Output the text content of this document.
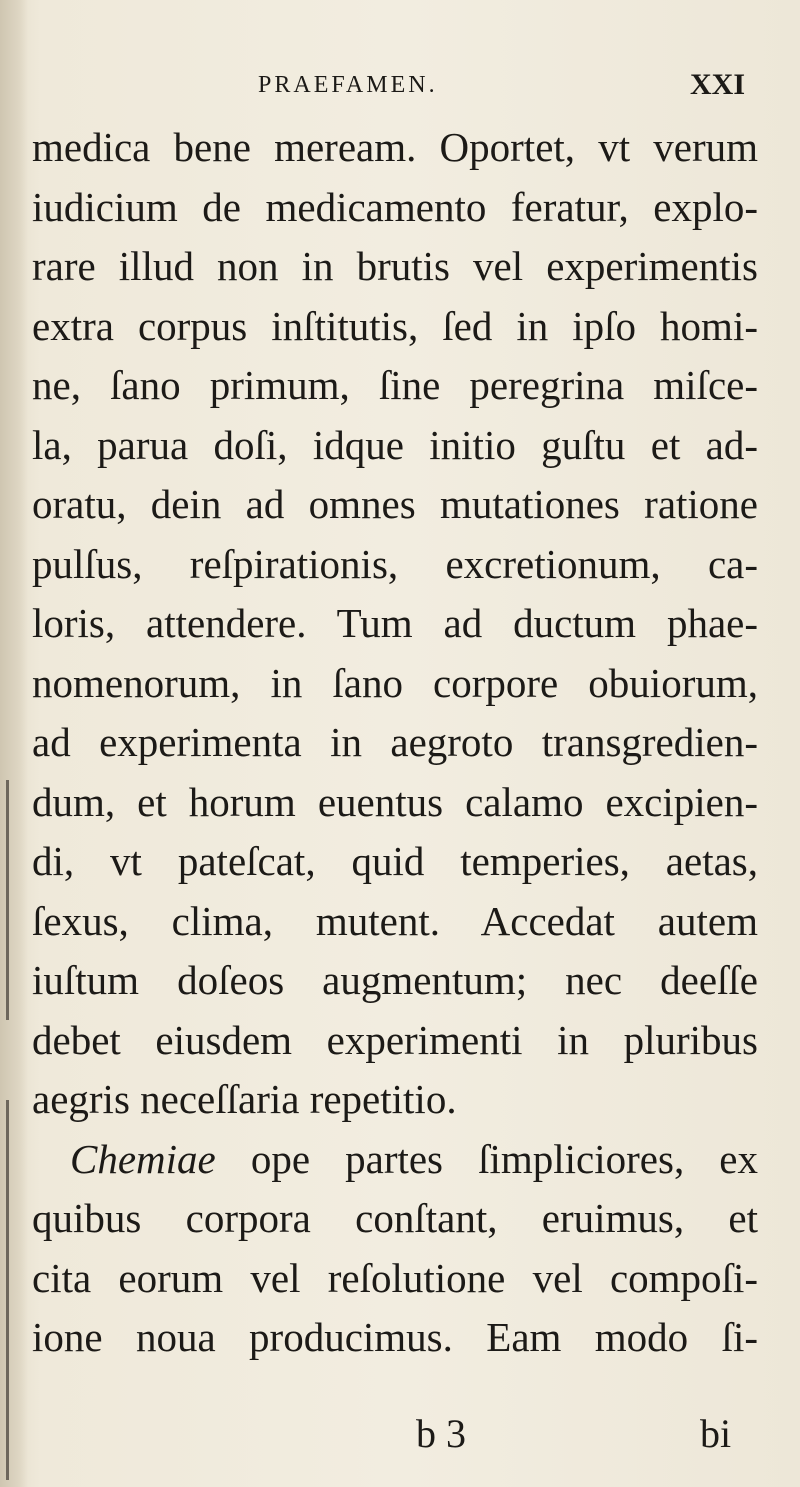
PRAEFAMEN.	XXI
medica bene meream. Oportet, vt verum
iudicium de medicamento feratur, explo-
rare illud non in brutis vel experimentis
extra corpus inſtitutis, ſed in ipſo homi-
ne, ſano primum, ſine peregrina miſce-
la, parua doſi, idque initio guſtu et ad-
oratu, dein ad omnes mutationes ratione
pulſus, reſpirationis, excretionum, ca-
loris, attendere. Tum ad ductum phae-
nomenorum, in ſano corpore obuiorum,
ad experimenta in aegroto transgredien-
dum, et horum euentus calamo excipien-
di, vt pateſcat, quid temperies, aetas,
ſexus, clima, mutent. Accedat autem
iuſtum doſeos augmentum; nec deeſſe
debet eiusdem experimenti in pluribus
aegris neceſſaria repetitio.
Chemiae ope partes ſimpliciores, ex
quibus corpora conſtant, eruimus, et
cita eorum vel reſolutione vel compoſi-
ione noua producimus. Eam modo ſi-
b 3	bi
